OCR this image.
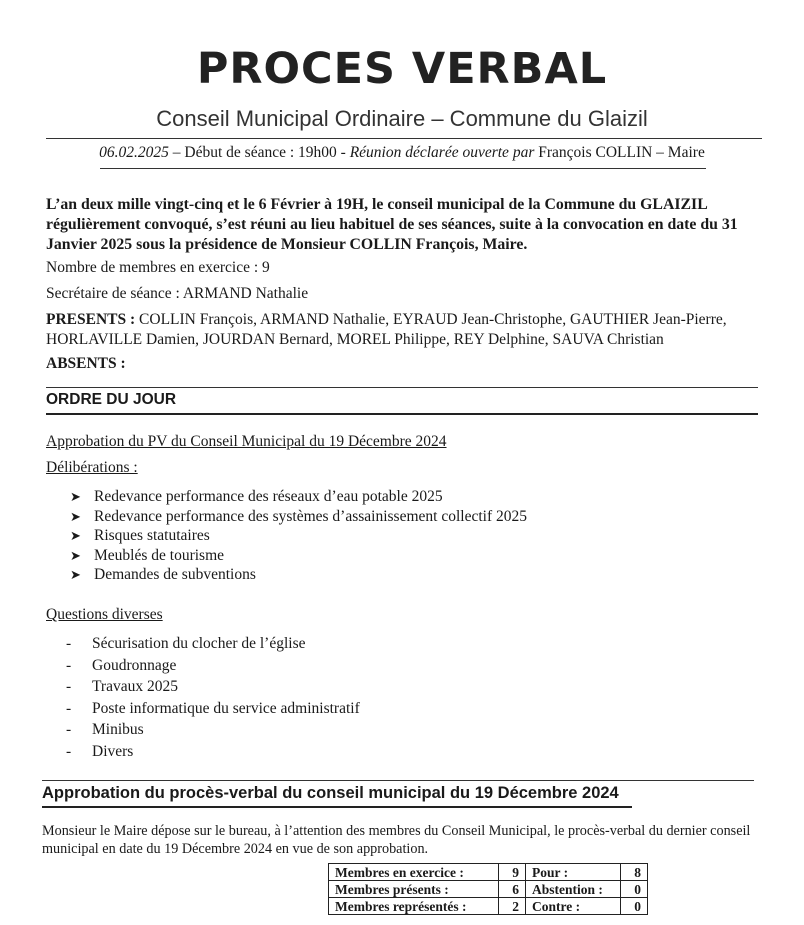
PROCES VERBAL
Conseil Municipal Ordinaire – Commune du Glaizil
06.02.2025 – Début de séance : 19h00 - Réunion déclarée ouverte par François COLLIN – Maire
L’an deux mille vingt-cinq et le 6 Février à 19H, le conseil municipal de la Commune du GLAIZIL régulièrement convoqué, s’est réuni au lieu habituel de ses séances, suite à la convocation en date du 31 Janvier 2025 sous la présidence de Monsieur COLLIN François, Maire.
Nombre de membres en exercice : 9
Secrétaire de séance : ARMAND Nathalie
PRESENTS : COLLIN François, ARMAND Nathalie, EYRAUD Jean-Christophe, GAUTHIER Jean-Pierre,
HORLAVILLE Damien, JOURDAN Bernard, MOREL Philippe, REY Delphine, SAUVA Christian
ABSENTS :
ORDRE DU JOUR
Approbation du PV du Conseil Municipal du 19 Décembre 2024
Délibérations :
➤ Redevance performance des réseaux d’eau potable 2025
➤ Redevance performance des systèmes d’assainissement collectif 2025
➤ Risques statutaires
➤ Meublés de tourisme
➤ Demandes de subventions
Questions diverses
- Sécurisation du clocher de l’église
- Goudronnage
- Travaux 2025
- Poste informatique du service administratif
- Minibus
- Divers
Approbation du procès-verbal du conseil municipal du 19 Décembre 2024
Monsieur le Maire dépose sur le bureau, à l’attention des membres du Conseil Municipal, le procès-verbal du dernier conseil municipal en date du 19 Décembre 2024 en vue de son approbation.
Membres en exercice :	9	Pour :	8
Membres présents :	6	Abstention :	0
Membres représentés :	2	Contre :	0
